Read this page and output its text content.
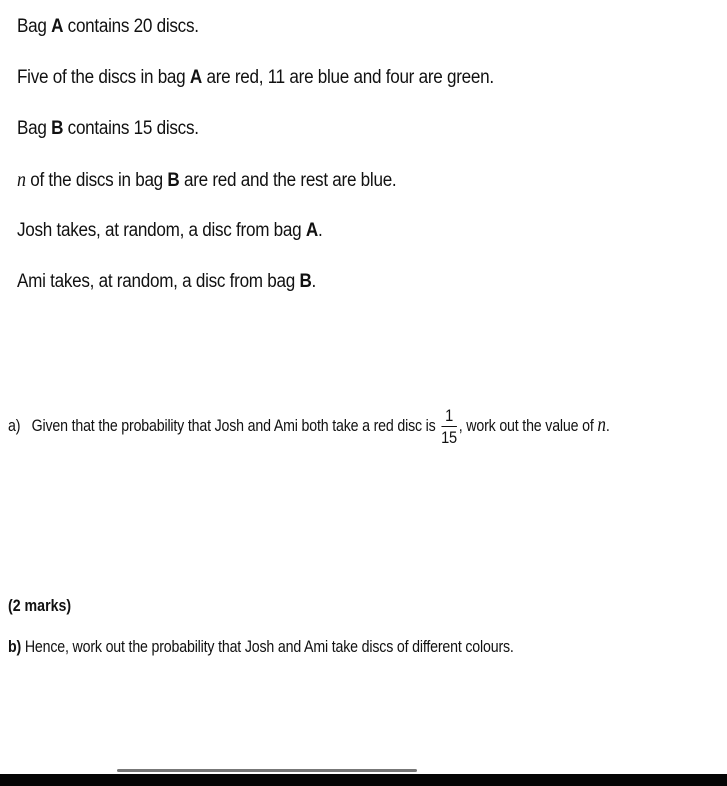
Bag A contains 20 discs.
Five of the discs in bag A are red, 11 are blue and four are green.
Bag B contains 15 discs.
n of the discs in bag B are red and the rest are blue.
Josh takes, at random, a disc from bag A.
Ami takes, at random, a disc from bag B.
a) Given that the probability that Josh and Ami both take a red disc is $\frac{1}{15}$ , work out the value of n.
(2 marks)
b) Hence, work out the probability that Josh and Ami take discs of different colours.
